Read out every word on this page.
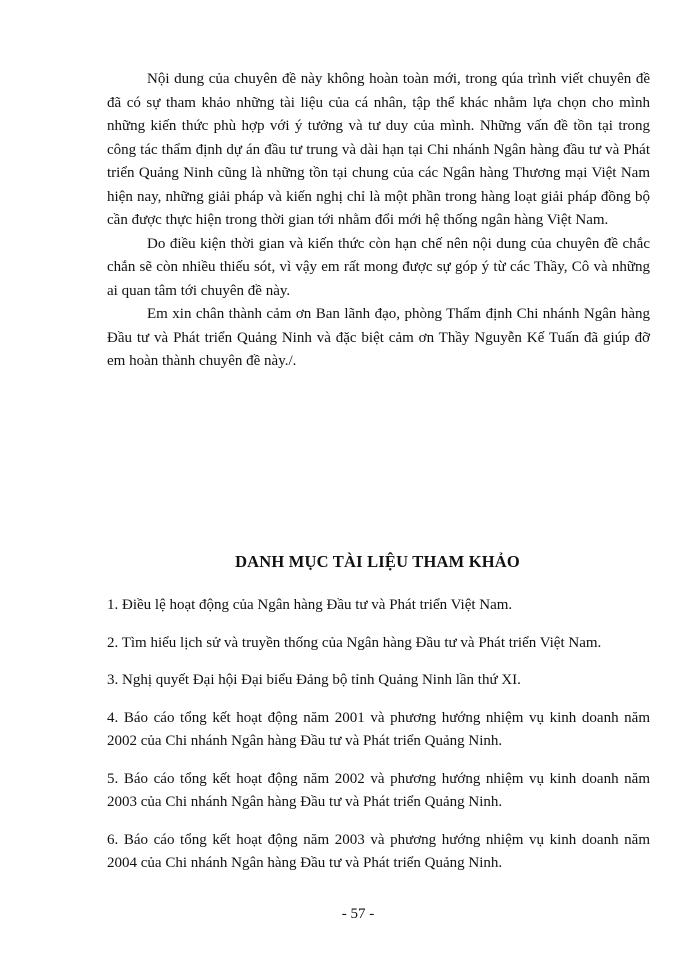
Nội dung của chuyên đề này không hoàn toàn mới, trong qúa trình viết chuyên đề đã có sự tham khảo những tài liệu của cá nhân, tập thể khác nhằm lựa chọn cho mình những kiến thức phù hợp với ý tưởng và tư duy của mình. Những vấn đề tồn tại trong công tác thẩm định dự án đầu tư trung và dài hạn tại Chi nhánh Ngân hàng đầu tư và Phát triển Quảng Ninh cũng là những tồn tại chung của các Ngân hàng Thương mại Việt Nam hiện nay, những giải pháp và kiến nghị chỉ là một phần trong hàng loạt giải pháp đồng bộ cần được thực hiện trong thời gian tới nhằm đổi mới hệ thống ngân hàng Việt Nam.

Do điều kiện thời gian và kiến thức còn hạn chế nên nội dung của chuyên đề chắc chắn sẽ còn nhiều thiếu sót, vì vậy em rất mong được sự góp ý từ các Thầy, Cô và những ai quan tâm tới chuyên đề này.

Em xin chân thành cảm ơn Ban lãnh đạo, phòng Thẩm định Chi nhánh Ngân hàng Đầu tư và Phát triển Quảng Ninh và đặc biệt cảm ơn Thầy Nguyễn Kế Tuấn đã giúp đỡ em hoàn thành chuyên đề này./.

DANH MỤC TÀI LIỆU THAM KHẢO
1. Điều lệ hoạt động của Ngân hàng Đầu tư và Phát triển Việt Nam.
2. Tìm hiểu lịch sử và truyền thống của Ngân hàng Đầu tư và Phát triển Việt Nam.
3. Nghị quyết Đại hội Đại biểu Đảng bộ tỉnh Quảng Ninh lần thứ XI.
4. Báo cáo tổng kết hoạt động năm 2001 và phương hướng nhiệm vụ kinh doanh năm 2002 của Chi nhánh Ngân hàng Đầu tư và Phát triển Quảng Ninh.
5. Báo cáo tổng kết hoạt động năm 2002 và phương hướng nhiệm vụ kinh doanh năm 2003 của Chi nhánh Ngân hàng Đầu tư và Phát triển Quảng Ninh.
6. Báo cáo tổng kết hoạt động năm 2003 và phương hướng nhiệm vụ kinh doanh năm 2004 của Chi nhánh Ngân hàng Đầu tư và Phát triển Quảng Ninh.
- 57 -
